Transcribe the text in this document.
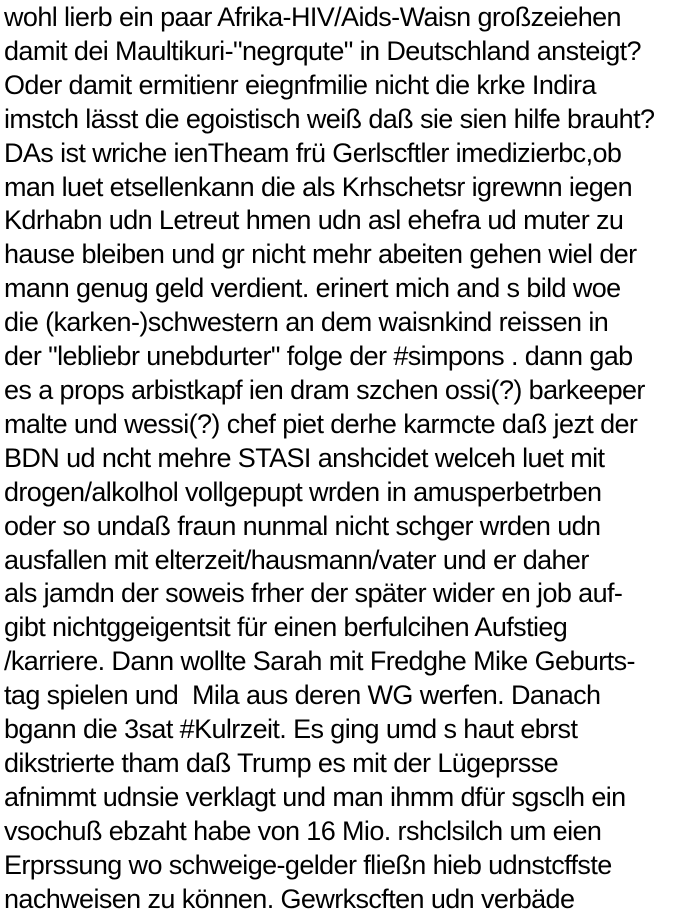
wohl lierb ein paar Afrika-HIV/Aids-Waisn großzeiehen
damit dei Maultikuri-"negrqute" in Deutschland ansteigt?
Oder damit ermitienr eiegnfmilie nicht die krke Indira
imstch lässt die egoistisch weiß daß sie sien hilfe brauht?
DAs ist wriche ienTheam frü Gerlscftler imedizierbc,ob
man luet etsellenkann die als Krhschetsr igrewnn iegen
Kdrhabn udn Letreut hmen udn asl ehefra ud muter zu
hause bleiben und gr nicht mehr abeiten gehen wiel der
mann genug geld verdient. erinert mich and s bild woe
die (karken-)schwestern an dem waisnkind reissen in
der "lebliebr unebdurter" folge der #simpons . dann gab
es a props arbistkapf ien dram szchen ossi(?) barkeeper
malte und wessi(?) chef piet derhe karmcte daß jezt der
BDN ud ncht mehre STASI anshcidet welceh luet mit
drogen/alkolhol vollgepupt wrden in amusperbetrben
oder so undaß fraun nunmal nicht schger wrden udn
ausfallen mit elterzeit/hausmann/vater und er daher
als jamdn der soweis frher der später wider en job auf-
gibt nichtggeigentsit für einen berfulcihen Aufstieg
/karriere. Dann wollte Sarah mit Fredghe Mike Geburts-
tag spielen und  Mila aus deren WG werfen. Danach
bgann die 3sat #Kulrzeit. Es ging umd s haut ebrst
dikstrierte tham daß Trump es mit der Lügeprsse
afnimmt udnsie verklagt und man ihmm dfür sgsclh ein
vsochuß ebzaht habe von 16 Mio. rshclsilch um eien
Erprssung wo schweige-gelder fließn hieb udnstcffste
nachweisen zu können. Gewrkscften udn verbäde
